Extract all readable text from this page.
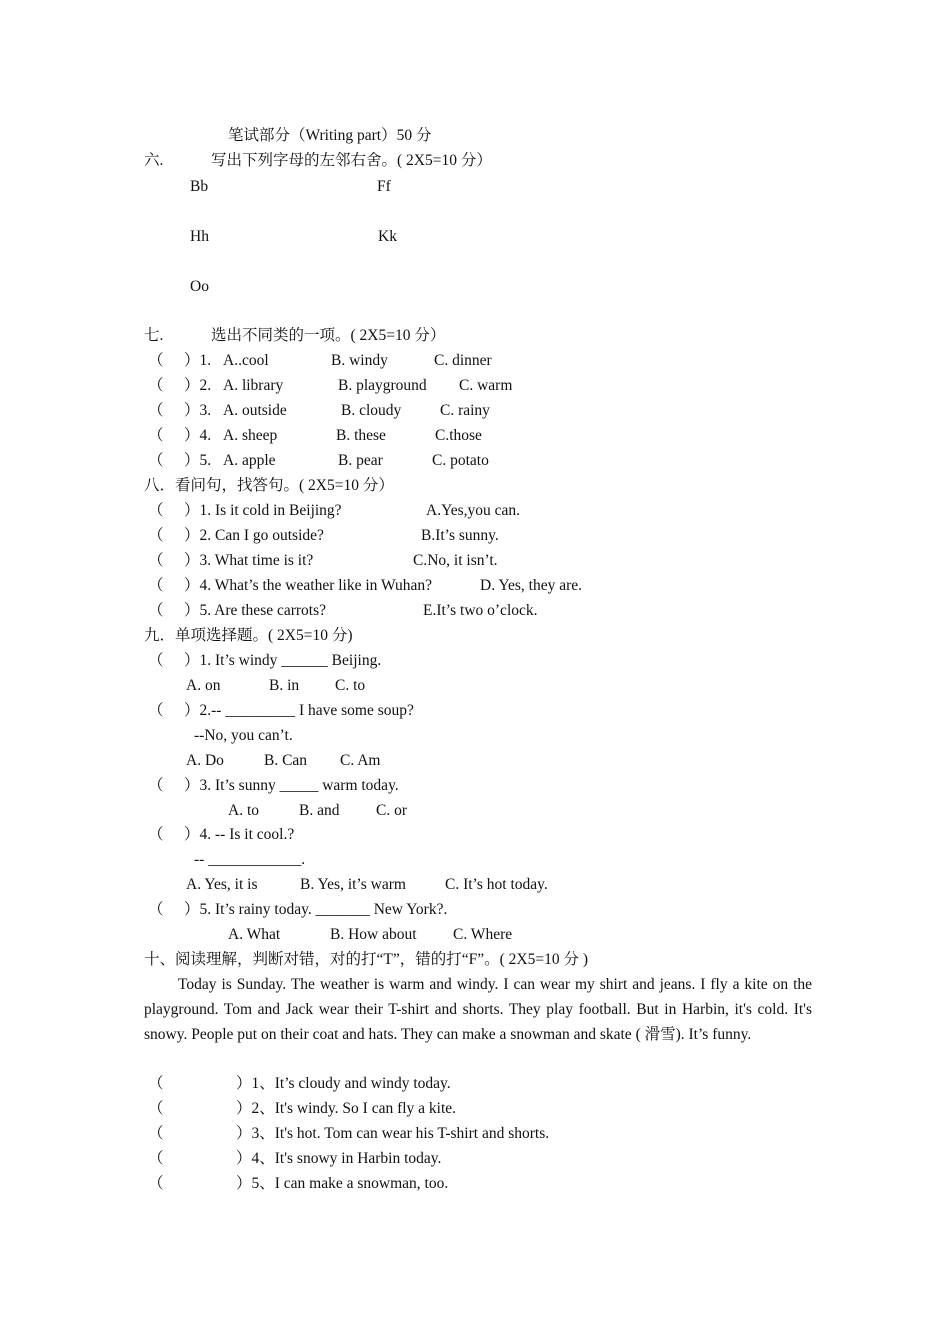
笔试部分（Writing part）50 分
六.	写出下列字母的左邻右舍。( 2X5=10 分）
Bb	Ff
Hh	Kk
Oo
七.	选出不同类的一项。( 2X5=10 分）
（ ）1. A..cool	B. windy	C. dinner
（ ）2. A. library	B. playground C. warm
（ ）3. A. outside	B. cloudy C. rainy
（ ）4. A. sheep	B. these	C.those
（ ）5. A. apple	B. pear	C. potato
八．看问句，找答句。( 2X5=10 分）
（ ）1. Is it cold in Beijing?	A.Yes,you can.
（ ）2. Can I go outside?	B.It’s sunny.
（ ）3. What time is it?	C.No, it isn’t.
（ ）4. What’s the weather like in Wuhan?	D. Yes, they are.
（ ）5. Are these carrots?	E.It’s two o’clock.
九．单项选择题。( 2X5=10 分)
（ ）1. It’s windy ______ Beijing.
A. on	B. in C. to
（ ）2.-- _________ I have some soup?
--No, you can’t.
A. Do	B. Can C. Am
（ ）3. It’s sunny _____ warm today.
A. to	B. and C. or
（ ）4. -- Is it cool.?
-- ____________.
A. Yes, it is	B. Yes, it’s warm	C. It’s hot today.
（ ）5. It’s rainy today. _______ New York?.
A. What	B. How about C. Where
十、阅读理解，判断对错，对的打“T”，错的打“F”。( 2X5=10 分 )
Today is Sunday. The weather is warm and windy. I can wear my shirt and jeans. I fly a kite on the playground. Tom and Jack wear their T-shirt and shorts. They play football. But in Harbin, it's cold. It's snowy. People put on their coat and hats. They can make a snowman and skate ( 滑雪). It’s funny.
（	）1、It’s cloudy and windy today.
（	）2、It's windy. So I can fly a kite.
（	）3、It's hot. Tom can wear his T-shirt and shorts.
（	）4、It's snowy in Harbin today.
（	）5、I can make a snowman, too.
